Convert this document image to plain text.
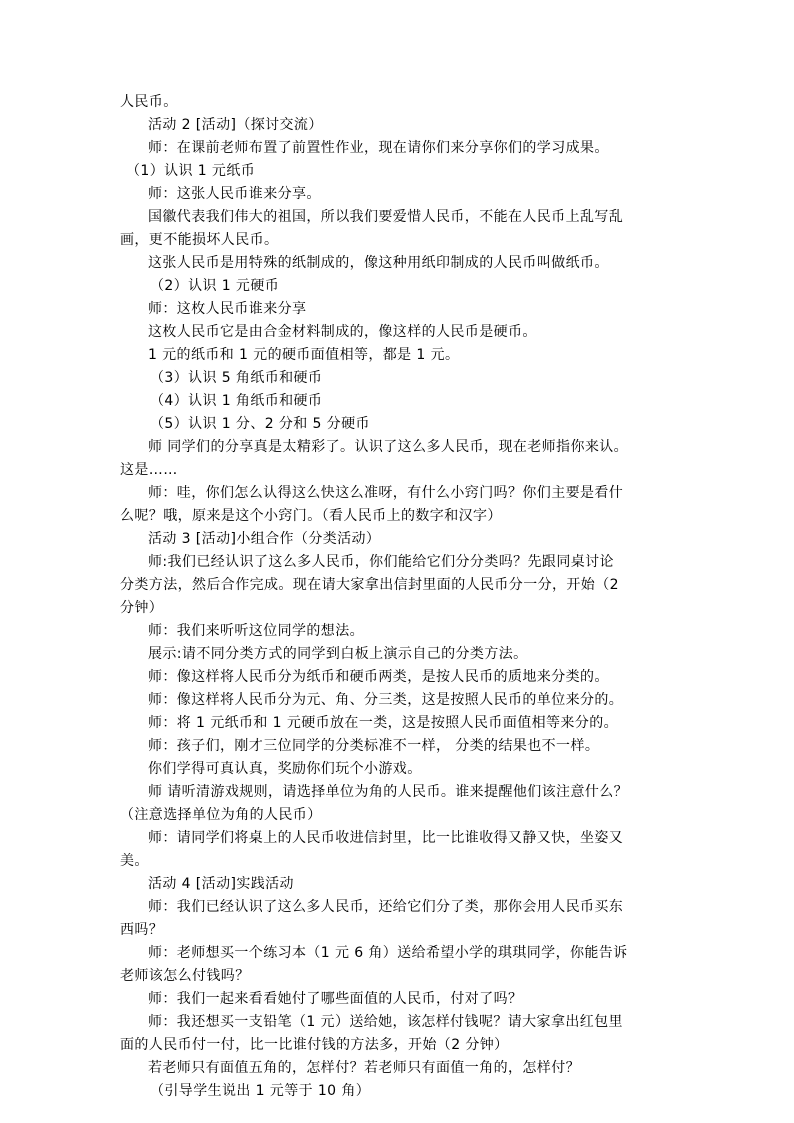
人民币。
活动 2 [活动]（探讨交流）
师：在课前老师布置了前置性作业，现在请你们来分享你们的学习成果。
（1）认识 1 元纸币
师：这张人民币谁来分享。
国徽代表我们伟大的祖国，所以我们要爱惜人民币，不能在人民币上乱写乱
画，更不能损坏人民币。
这张人民币是用特殊的纸制成的，像这种用纸印制成的人民币叫做纸币。
（2）认识 1 元硬币
师：这枚人民币谁来分享
这枚人民币它是由合金材料制成的，像这样的人民币是硬币。
1 元的纸币和 1 元的硬币面值相等，都是 1 元。
（3）认识 5 角纸币和硬币
（4）认识 1 角纸币和硬币
（5）认识 1 分、2 分和 5 分硬币
师 同学们的分享真是太精彩了。认识了这么多人民币，现在老师指你来认。
这是……
师：哇，你们怎么认得这么快这么准呀，有什么小窍门吗？你们主要是看什
么呢？哦，原来是这个小窍门。（看人民币上的数字和汉字）
活动 3 [活动]小组合作（分类活动）
师:我们已经认识了这么多人民币，你们能给它们分分类吗？先跟同桌讨论
分类方法，然后合作完成。现在请大家拿出信封里面的人民币分一分，开始（2
分钟）
师：我们来听听这位同学的想法。
展示:请不同分类方式的同学到白板上演示自己的分类方法。
师：像这样将人民币分为纸币和硬币两类，是按人民币的质地来分类的。
师：像这样将人民币分为元、角、分三类，这是按照人民币的单位来分的。
师：将 1 元纸币和 1 元硬币放在一类，这是按照人民币面值相等来分的。
师：孩子们，刚才三位同学的分类标准不一样， 分类的结果也不一样。
你们学得可真认真，奖励你们玩个小游戏。
师 请听清游戏规则，请选择单位为角的人民币。谁来提醒他们该注意什么？
（注意选择单位为角的人民币）
师：请同学们将桌上的人民币收进信封里，比一比谁收得又静又快，坐姿又
美。
活动 4 [活动]实践活动
师：我们已经认识了这么多人民币，还给它们分了类，那你会用人民币买东
西吗？
师：老师想买一个练习本（1 元 6 角）送给希望小学的琪琪同学，你能告诉
老师该怎么付钱吗？
师：我们一起来看看她付了哪些面值的人民币，付对了吗？
师：我还想买一支铅笔（1 元）送给她，该怎样付钱呢？请大家拿出红包里
面的人民币付一付，比一比谁付钱的方法多，开始（2 分钟）
若老师只有面值五角的，怎样付？若老师只有面值一角的，怎样付？
（引导学生说出 1 元等于 10 角）
